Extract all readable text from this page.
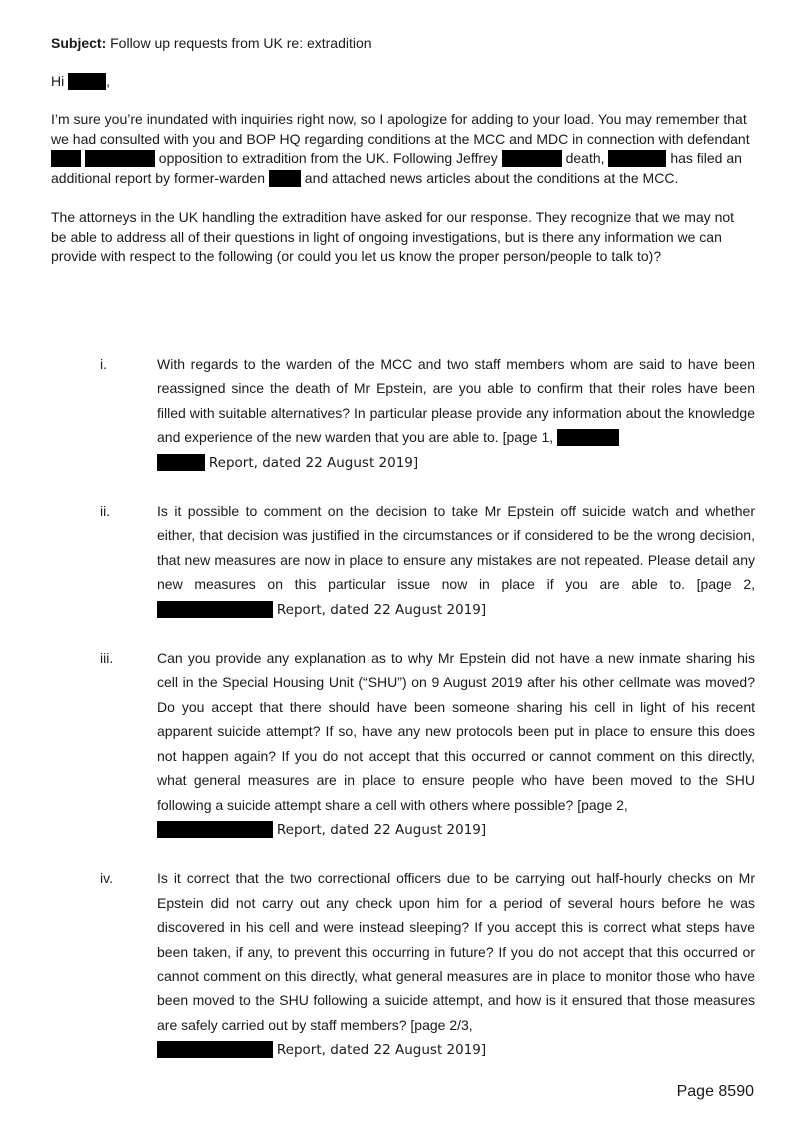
Subject: Follow up requests from UK re: extradition

Hi	,

I’m sure you’re inundated with inquiries right now, so I apologize for adding to your load. You may remember that we had consulted with you and BOP HQ regarding conditions at the MCC and MDC in connection with defendant   opposition to extradition from the UK. Following Jeffrey	death,	has filed an additional report by former-warden	and attached news articles about the conditions at the MCC.

The attorneys in the UK handling the extradition have asked for our response. They recognize that we may not be able to address all of their questions in light of ongoing investigations, but is there any information we can provide with respect to the following (or could you let us know the proper person/people to talk to)?

i.	With regards to the warden of the MCC and two staff members whom are said to have been reassigned since the death of Mr Epstein, are you able to confirm that their roles have been filled with suitable alternatives? In particular please provide any information about the knowledge and experience of the new warden that you are able to. [page 1,
Report, dated 22 August 2019]
ii.	Is it possible to comment on the decision to take Mr Epstein off suicide watch and whether either, that decision was justified in the circumstances or if considered to be the wrong decision, that new measures are now in place to ensure any mistakes are not repeated. Please detail any new measures on this particular issue now in place if you are able to. [page 2,  Report, dated 22 August 2019]
iii.	Can you provide any explanation as to why Mr Epstein did not have a new inmate sharing his cell in the Special Housing Unit (“SHU”) on 9 August 2019 after his other cellmate was moved? Do you accept that there should have been someone sharing his cell in light of his recent apparent suicide attempt? If so, have any new protocols been put in place to ensure this does not happen again? If you do not accept that this occurred or cannot comment on this directly, what general measures are in place to ensure people who have been moved to the SHU following a suicide attempt share a cell with others where possible? [page 2,
Report, dated 22 August 2019]
iv.	Is it correct that the two correctional officers due to be carrying out half-hourly checks on Mr Epstein did not carry out any check upon him for a period of several hours before he was discovered in his cell and were instead sleeping? If you accept this is correct what steps have been taken, if any, to prevent this occurring in future? If you do not accept that this occurred or cannot comment on this directly, what general measures are in place to monitor those who have been moved to the SHU following a suicide attempt, and how is it ensured that those measures are safely carried out by staff members? [page 2/3,
Report, dated 22 August 2019]
Page 8590
